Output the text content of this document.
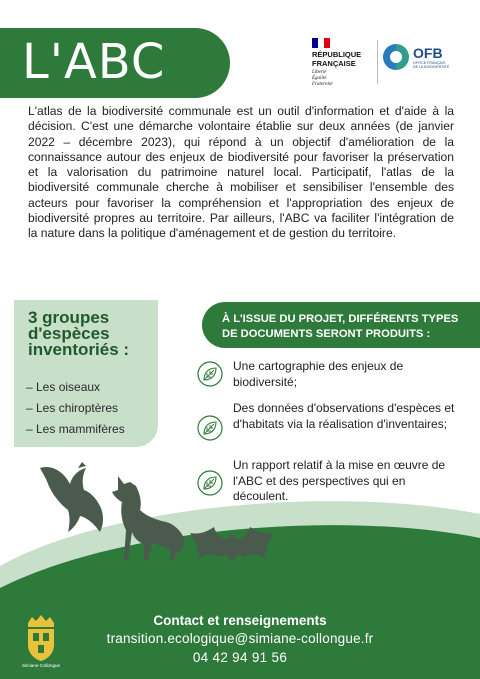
L'ABC	RÉPUBLIQUE
FRANÇAISE
Liberté
Égalité
Fraternité
OFB
OFFICE FRANÇAIS
DE LA BIODIVERSITÉ
L'atlas de la biodiversité communale est un outil d'information et d'aide à la décision. C'est une démarche volontaire établie sur deux années (de janvier 2022 – décembre 2023), qui répond à un objectif d'amélioration de la connaissance autour des enjeux de biodiversité pour favoriser la préservation et la valorisation du patrimoine naturel local. Participatif, l'atlas de la biodiversité communale cherche à mobiliser et sensibiliser l'ensemble des acteurs pour favoriser la compréhension et l'appropriation des enjeux de biodiversité propres au territoire. Par ailleurs, l'ABC va faciliter l'intégration de la nature dans la politique d'aménagement et de gestion du territoire.
3 groupes
d'espèces
inventoriés :
– Les oiseaux
– Les chiroptères
– Les mammifères
À L'ISSUE DU PROJET, DIFFÉRENTS TYPES
DE DOCUMENTS SERONT PRODUITS :
Une cartographie des enjeux de biodiversité;
Des données d'observations d'espèces et d'habitats via la réalisation d'inventaires;
Un rapport relatif à la mise en œuvre de l'ABC et des perspectives qui en découlent.
Simiane-Collongue
Contact et renseignements
transition.ecologique@simiane-collongue.fr
04 42 94 91 56
